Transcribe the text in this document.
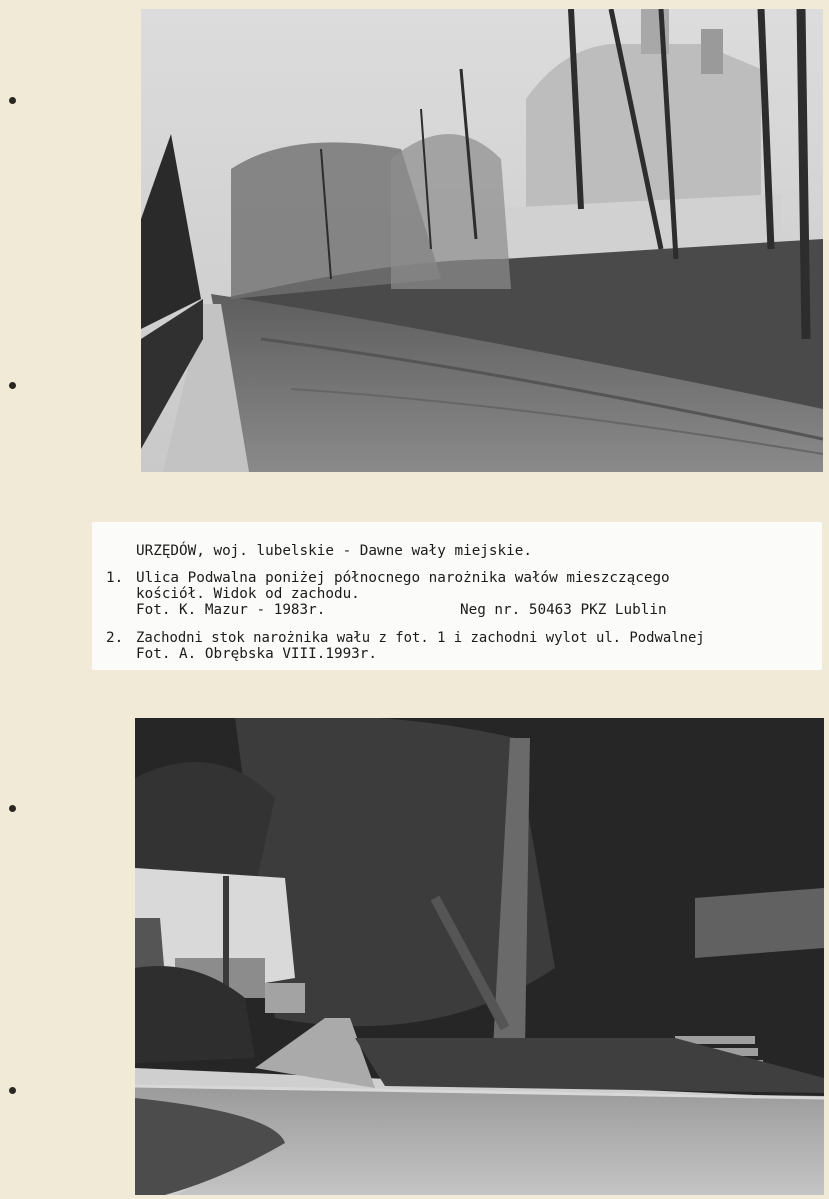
URZĘDÓW, woj. lubelskie - Dawne wały miejskie.
1. Ulica Podwalna poniżej północnego narożnika wałów mieszczącego
kościół. Widok od zachodu.
Fot. K. Mazur - 1983r.	Neg nr. 50463 PKZ Lublin
2. Zachodni stok narożnika wału z fot. 1 i zachodni wylot ul. Podwalnej
Fot. A. Obrębska VIII.1993r.
